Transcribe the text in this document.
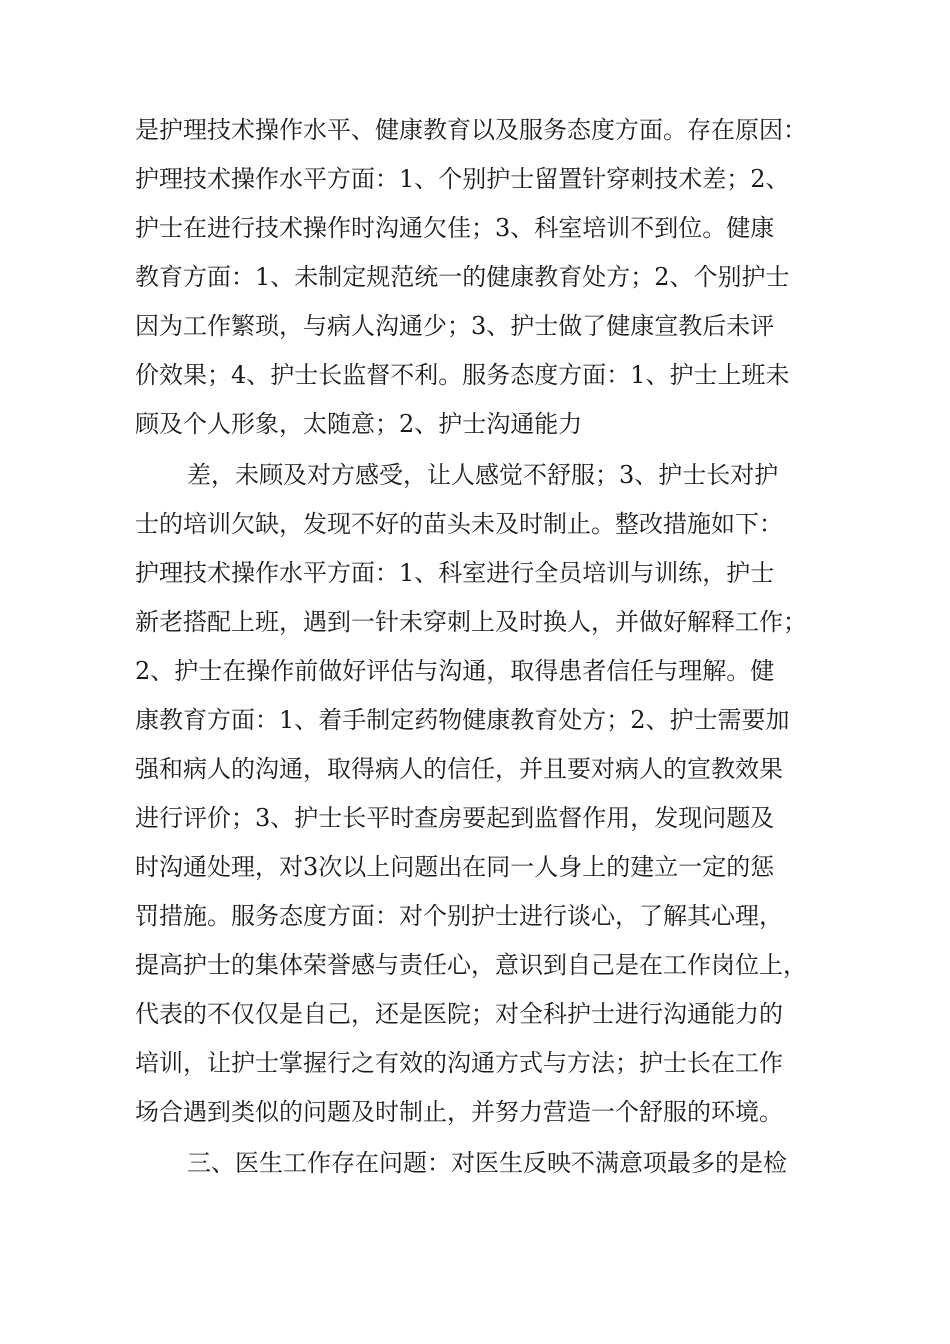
是护理技术操作水平、健康教育以及服务态度方面。存在原因：
护理技术操作水平方面：1、个别护士留置针穿刺技术差；2、
护士在进行技术操作时沟通欠佳；3、科室培训不到位。健康
教育方面：1、未制定规范统一的健康教育处方；2、个别护士
因为工作繁琐，与病人沟通少；3、护士做了健康宣教后未评
价效果；4、护士长监督不利。服务态度方面：1、护士上班未
顾及个人形象，太随意；2、护士沟通能力
差，未顾及对方感受，让人感觉不舒服；3、护士长对护
士的培训欠缺，发现不好的苗头未及时制止。整改措施如下：
护理技术操作水平方面：1、科室进行全员培训与训练，护士
新老搭配上班，遇到一针未穿刺上及时换人，并做好解释工作；
2、护士在操作前做好评估与沟通，取得患者信任与理解。健
康教育方面：1、着手制定药物健康教育处方；2、护士需要加
强和病人的沟通，取得病人的信任，并且要对病人的宣教效果
进行评价；3、护士长平时查房要起到监督作用，发现问题及
时沟通处理，对3次以上问题出在同一人身上的建立一定的惩
罚措施。服务态度方面：对个别护士进行谈心，了解其心理，
提高护士的集体荣誉感与责任心，意识到自己是在工作岗位上，
代表的不仅仅是自己，还是医院；对全科护士进行沟通能力的
培训，让护士掌握行之有效的沟通方式与方法；护士长在工作
场合遇到类似的问题及时制止，并努力营造一个舒服的环境。
三、医生工作存在问题：对医生反映不满意项最多的是检
